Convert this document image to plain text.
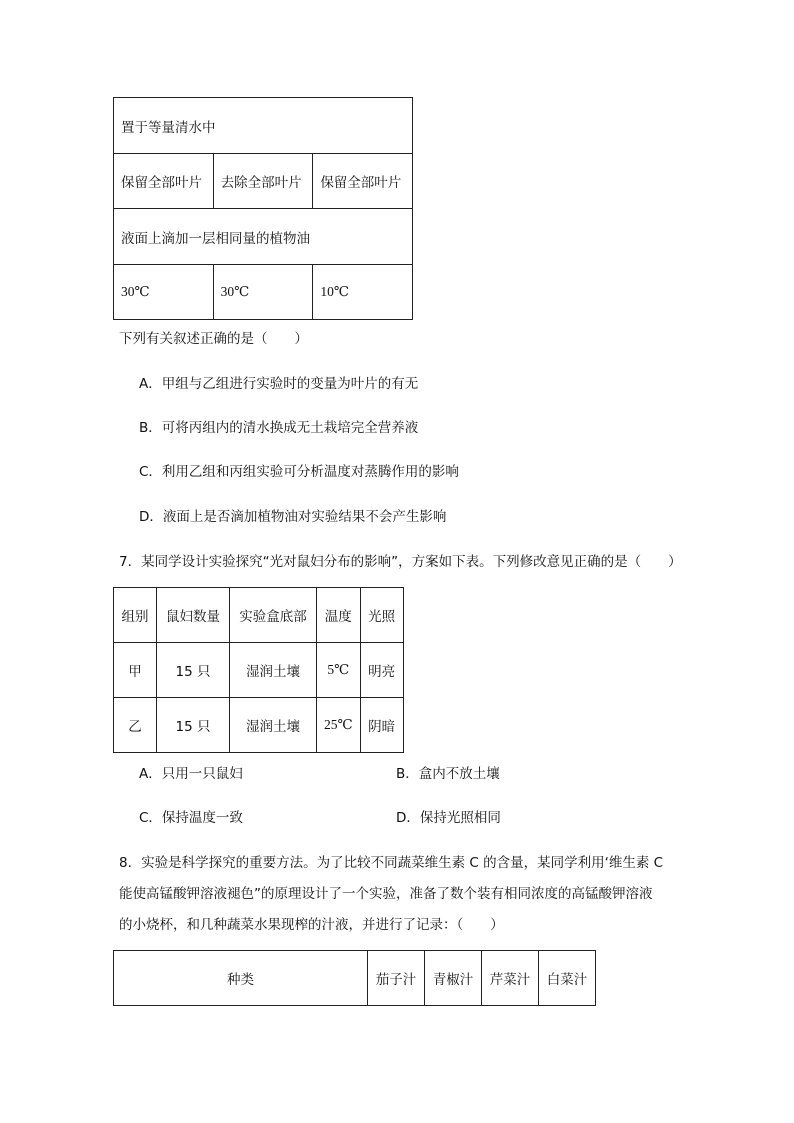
置于等量清水中		
保留全部叶片	去除全部叶片	保留全部叶片
液面上滴加一层相同量的植物油		
30℃	30℃	10℃
下列有关叙述正确的是（　　）
A．甲组与乙组进行实验时的变量为叶片的有无
B．可将丙组内的清水换成无土栽培完全营养液
C．利用乙组和丙组实验可分析温度对蒸腾作用的影响
D．液面上是否滴加植物油对实验结果不会产生影响
7．某同学设计实验探究“光对鼠妇分布的影响”，方案如下表。下列修改意见正确的是（　　）
组别	鼠妇数量	实验盒底部	温度	光照
甲	15 只	湿润土壤	5℃	明亮
乙	15 只	湿润土壤	25℃	阴暗
A．只用一只鼠妇	B．盒内不放土壤
C．保持温度一致	D．保持光照相同
8．实验是科学探究的重要方法。为了比较不同蔬菜维生素 C 的含量，某同学利用‘维生素 C
能使高锰酸钾溶液褪色”的原理设计了一个实验，准备了数个装有相同浓度的高锰酸钾溶液
的小烧杯，和几种蔬菜水果现榨的汁液，并进行了记录：（　　）
种类	茄子汁	青椒汁	芹菜汁	白菜汁
